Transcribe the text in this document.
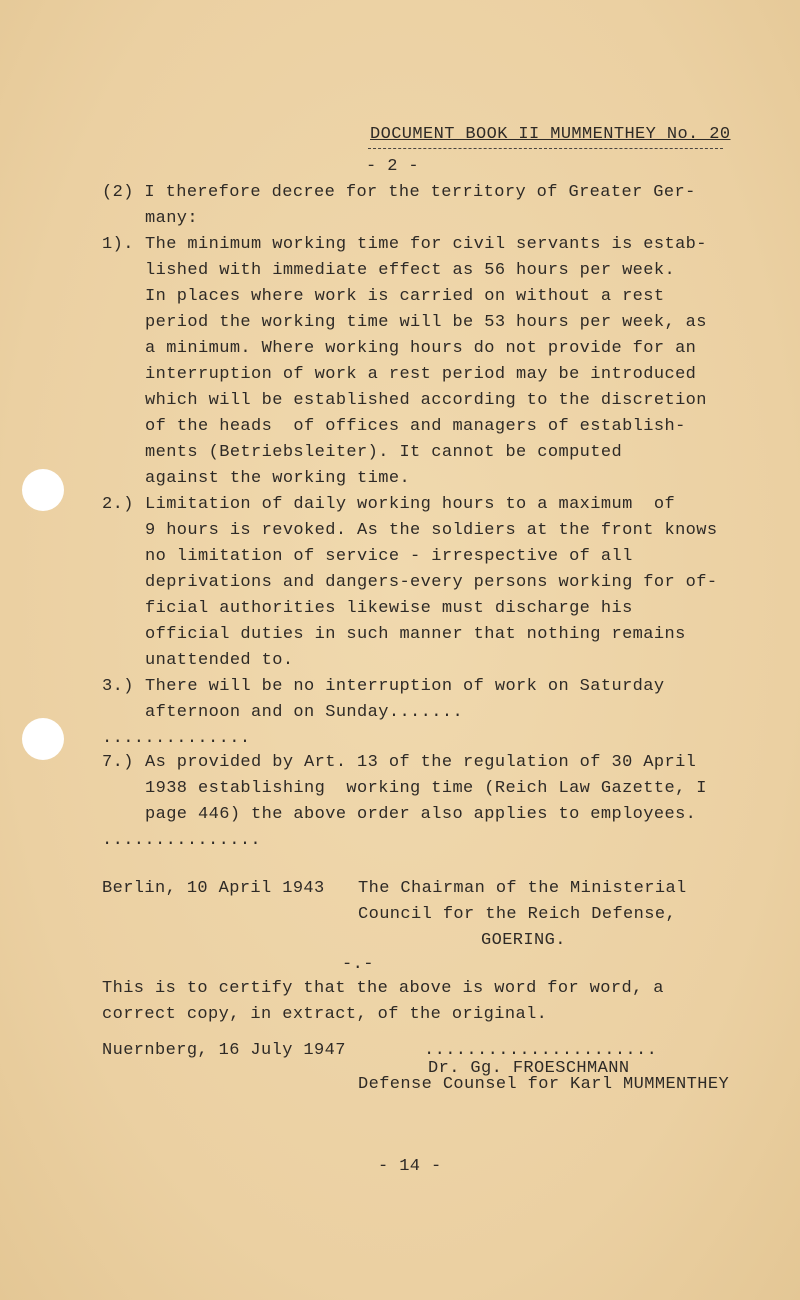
DOCUMENT BOOK II MUMMENTHEY No. 20
- 2 -
(2) I therefore decree for the territory of Greater Ger-
many:
1). The minimum working time for civil servants is estab-
lished with immediate effect as 56 hours per week.
In places where work is carried on without a rest
period the working time will be 53 hours per week, as
a minimum. Where working hours do not provide for an
interruption of work a rest period may be introduced
which will be established according to the discretion
of the heads  of offices and managers of establish-
ments (Betriebsleiter). It cannot be computed
against the working time.
2.) Limitation of daily working hours to a maximum  of
9 hours is revoked. As the soldiers at the front knows
no limitation of service - irrespective of all
deprivations and dangers-every persons working for of-
ficial authorities likewise must discharge his
official duties in such manner that nothing remains
unattended to.
3.) There will be no interruption of work on Saturday
afternoon and on Sunday.......
..............
7.) As provided by Art. 13 of the regulation of 30 April
1938 establishing  working time (Reich Law Gazette, I
page 446) the above order also applies to employees.
...............
Berlin, 10 April 1943 The Chairman of the Ministerial
Council for the Reich Defense,
GOERING.
-.-
This is to certify that the above is word for word, a
correct copy, in extract, of the original.
Nuernberg, 16 July 1947	......................
Dr. Gg. FROESCHMANN
Defense Counsel for Karl MUMMENTHEY
- 14 -
